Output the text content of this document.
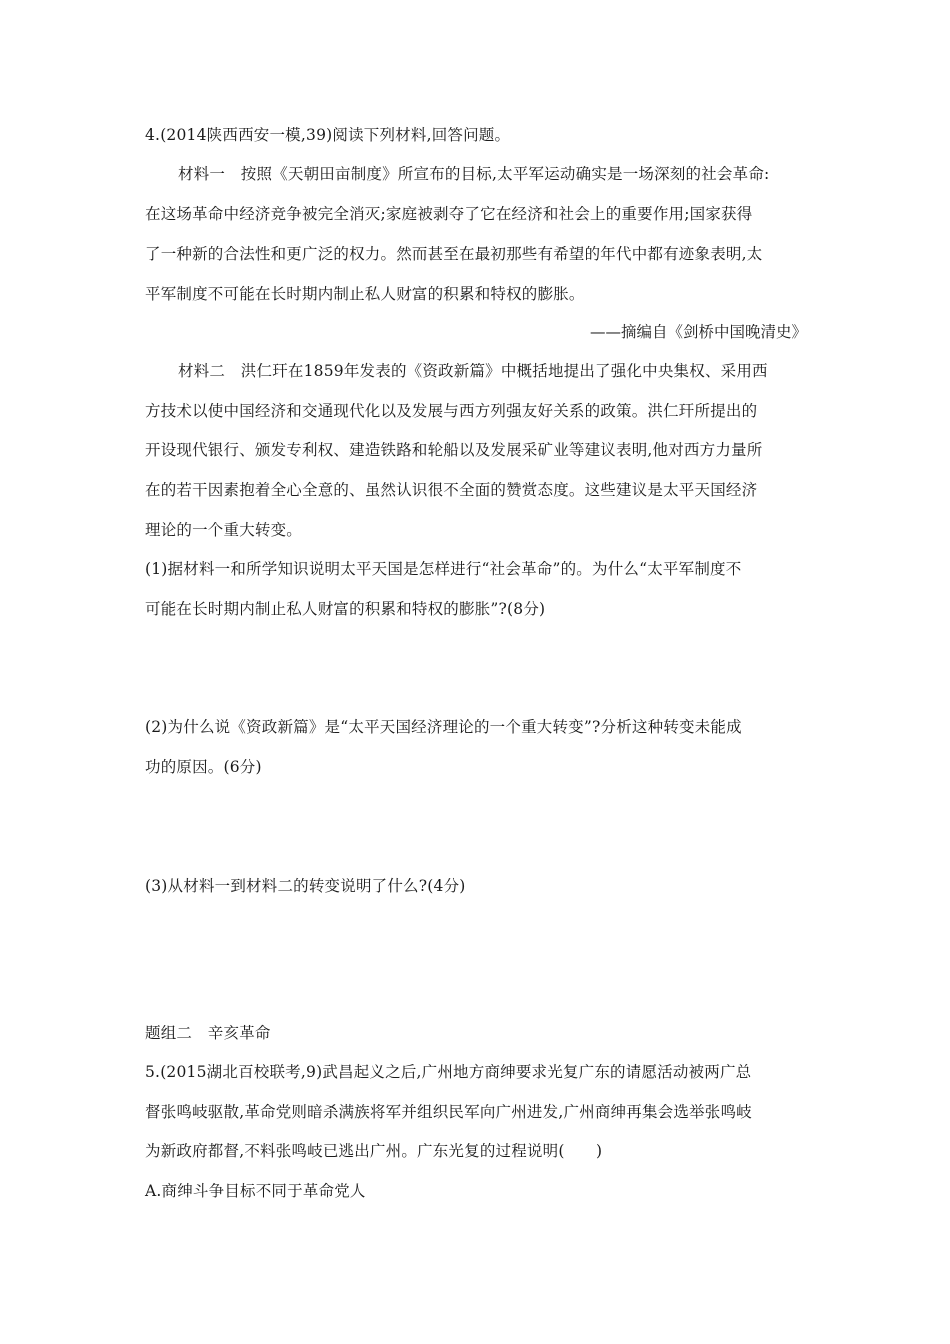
4.(2014陕西西安一模,39)阅读下列材料,回答问题。
材料一　按照《天朝田亩制度》所宣布的目标,太平军运动确实是一场深刻的社会革命:
在这场革命中经济竞争被完全消灭;家庭被剥夺了它在经济和社会上的重要作用;国家获得
了一种新的合法性和更广泛的权力。然而甚至在最初那些有希望的年代中都有迹象表明,太
平军制度不可能在长时期内制止私人财富的积累和特权的膨胀。
——摘编自《剑桥中国晚清史》
材料二　洪仁玕在1859年发表的《资政新篇》中概括地提出了强化中央集权、采用西
方技术以使中国经济和交通现代化以及发展与西方列强友好关系的政策。洪仁玕所提出的
开设现代银行、颁发专利权、建造铁路和轮船以及发展采矿业等建议表明,他对西方力量所
在的若干因素抱着全心全意的、虽然认识很不全面的赞赏态度。这些建议是太平天国经济
理论的一个重大转变。
(1)据材料一和所学知识说明太平天国是怎样进行“社会革命”的。为什么“太平军制度不
可能在长时期内制止私人财富的积累和特权的膨胀”?(8分)
(2)为什么说《资政新篇》是“太平天国经济理论的一个重大转变”?分析这种转变未能成
功的原因。(6分)
(3)从材料一到材料二的转变说明了什么?(4分)
题组二　辛亥革命
5.(2015湖北百校联考,9)武昌起义之后,广州地方商绅要求光复广东的请愿活动被两广总
督张鸣岐驱散,革命党则暗杀满族将军并组织民军向广州进发,广州商绅再集会选举张鸣岐
为新政府都督,不料张鸣岐已逃出广州。广东光复的过程说明(　　)
A.商绅斗争目标不同于革命党人
